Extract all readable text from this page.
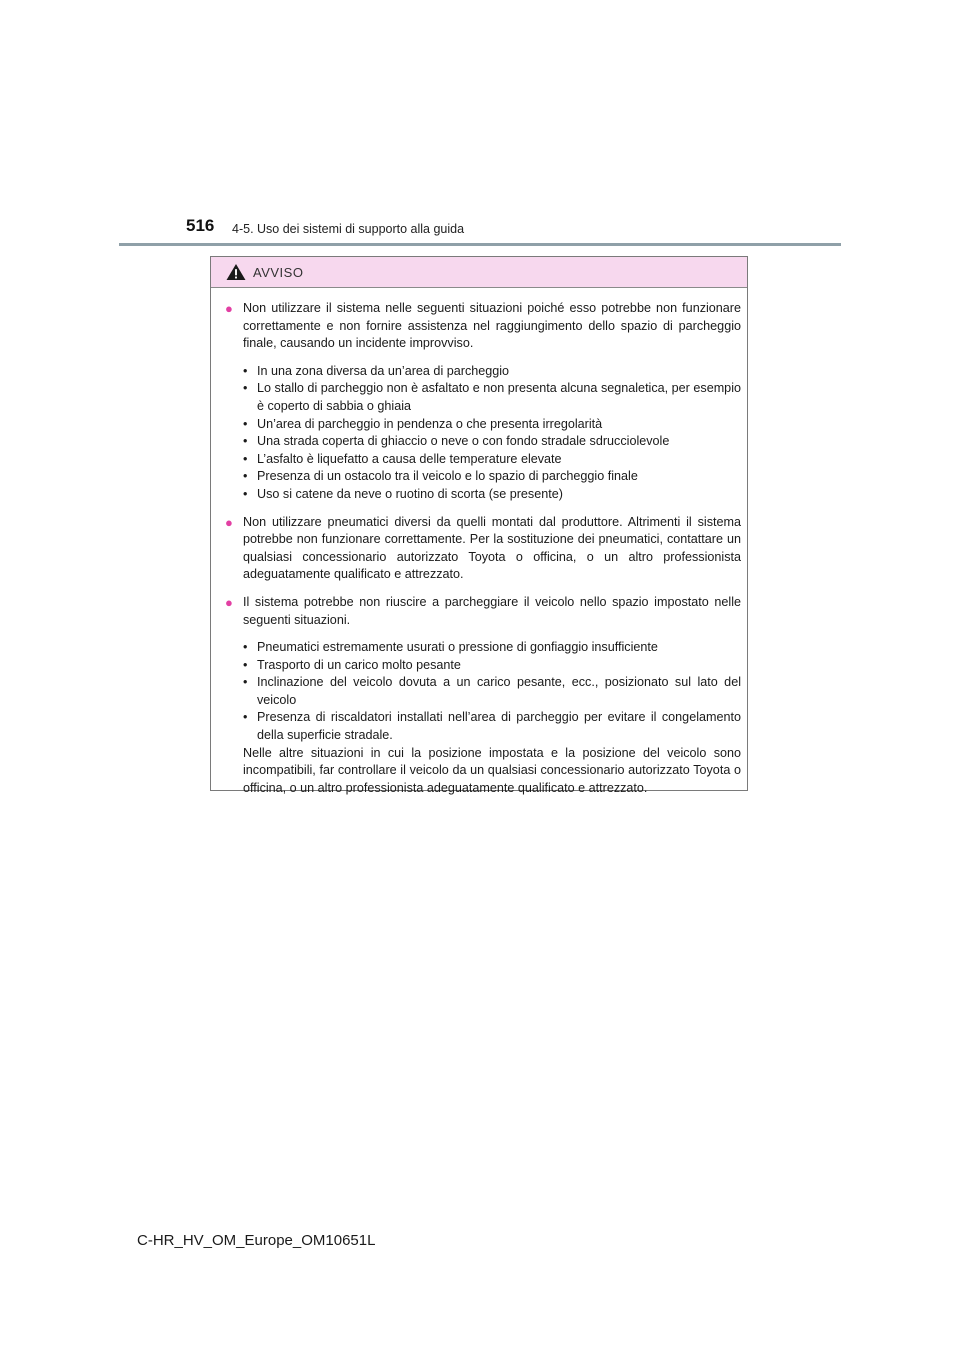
516 4-5. Uso dei sistemi di supporto alla guida
AVVISO
● Non utilizzare il sistema nelle seguenti situazioni poiché esso potrebbe non funzionare correttamente e non fornire assistenza nel raggiungimento dello spazio di parcheggio finale, causando un incidente improvviso.
• In una zona diversa da un’area di parcheggio
• Lo stallo di parcheggio non è asfaltato e non presenta alcuna segnaletica, per esempio è coperto di sabbia o ghiaia
• Un’area di parcheggio in pendenza o che presenta irregolarità
• Una strada coperta di ghiaccio o neve o con fondo stradale sdrucciolevole
• L’asfalto è liquefatto a causa delle temperature elevate
• Presenza di un ostacolo tra il veicolo e lo spazio di parcheggio finale
• Uso si catene da neve o ruotino di scorta (se presente)
● Non utilizzare pneumatici diversi da quelli montati dal produttore. Altrimenti il sistema potrebbe non funzionare correttamente. Per la sostituzione dei pneumatici, contattare un qualsiasi concessionario autorizzato Toyota o officina, o un altro professionista adeguatamente qualificato e attrezzato.
● Il sistema potrebbe non riuscire a parcheggiare il veicolo nello spazio impostato nelle seguenti situazioni.
• Pneumatici estremamente usurati o pressione di gonfiaggio insufficiente
• Trasporto di un carico molto pesante
• Inclinazione del veicolo dovuta a un carico pesante, ecc., posizionato sul lato del veicolo
• Presenza di riscaldatori installati nell’area di parcheggio per evitare il congelamento della superficie stradale.
Nelle altre situazioni in cui la posizione impostata e la posizione del veicolo sono incompatibili, far controllare il veicolo da un qualsiasi concessionario autorizzato Toyota o officina, o un altro professionista adeguatamente qualificato e attrezzato.
C-HR_HV_OM_Europe_OM10651L
